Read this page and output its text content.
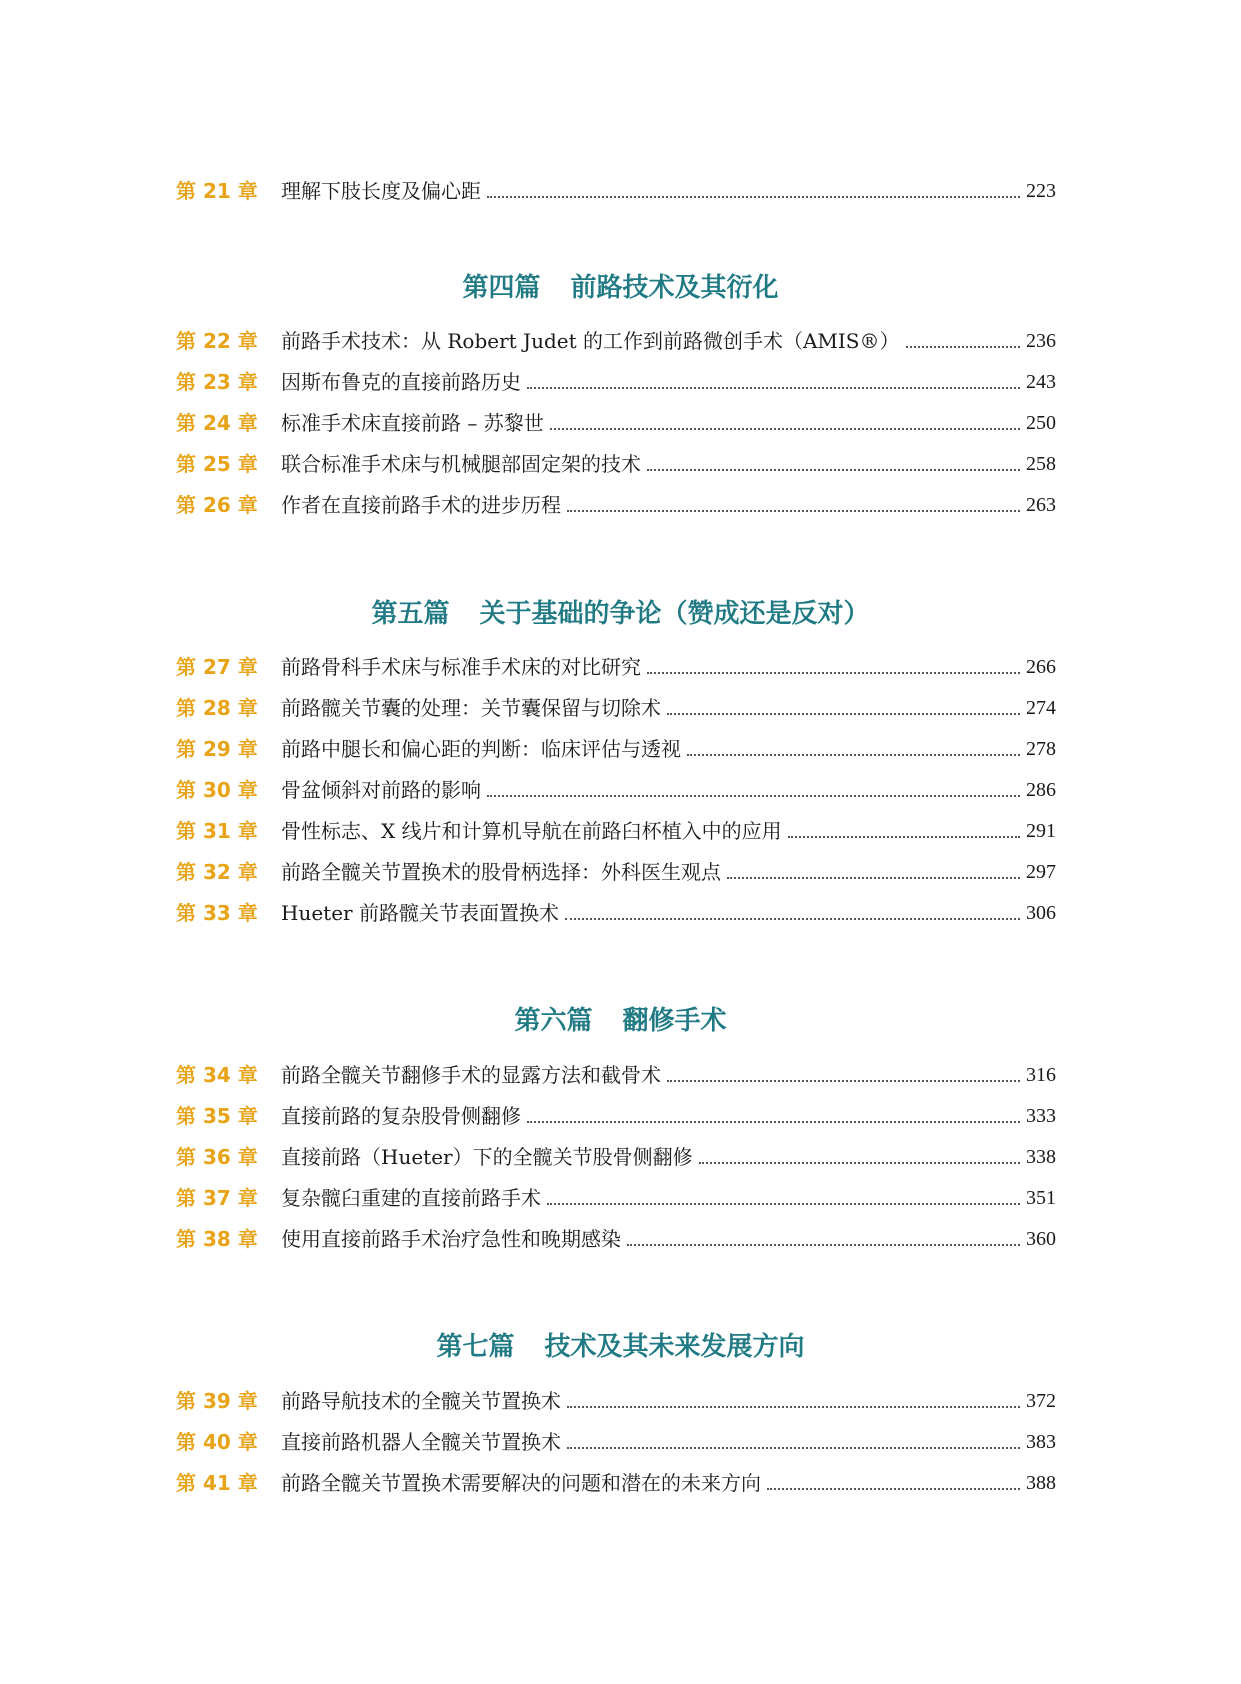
第 21 章	理解下肢长度及偏心距	223
第四篇 前路技术及其衍化
第 22 章	前路手术技术：从 Robert Judet 的工作到前路微创手术（AMIS®）	236
第 23 章	因斯布鲁克的直接前路历史	243
第 24 章	标准手术床直接前路 – 苏黎世	250
第 25 章	联合标准手术床与机械腿部固定架的技术	258
第 26 章	作者在直接前路手术的进步历程	263
第五篇 关于基础的争论（赞成还是反对）
第 27 章	前路骨科手术床与标准手术床的对比研究	266
第 28 章	前路髋关节囊的处理：关节囊保留与切除术	274
第 29 章	前路中腿长和偏心距的判断：临床评估与透视	278
第 30 章	骨盆倾斜对前路的影响	286
第 31 章	骨性标志、X 线片和计算机导航在前路臼杯植入中的应用	291
第 32 章	前路全髋关节置换术的股骨柄选择：外科医生观点	297
第 33 章	Hueter 前路髋关节表面置换术	306
第六篇 翻修手术
第 34 章	前路全髋关节翻修手术的显露方法和截骨术	316
第 35 章	直接前路的复杂股骨侧翻修	333
第 36 章	直接前路（Hueter）下的全髋关节股骨侧翻修	338
第 37 章	复杂髋臼重建的直接前路手术	351
第 38 章	使用直接前路手术治疗急性和晚期感染	360
第七篇 技术及其未来发展方向
第 39 章	前路导航技术的全髋关节置换术	372
第 40 章	直接前路机器人全髋关节置换术	383
第 41 章	前路全髋关节置换术需要解决的问题和潜在的未来方向	388
